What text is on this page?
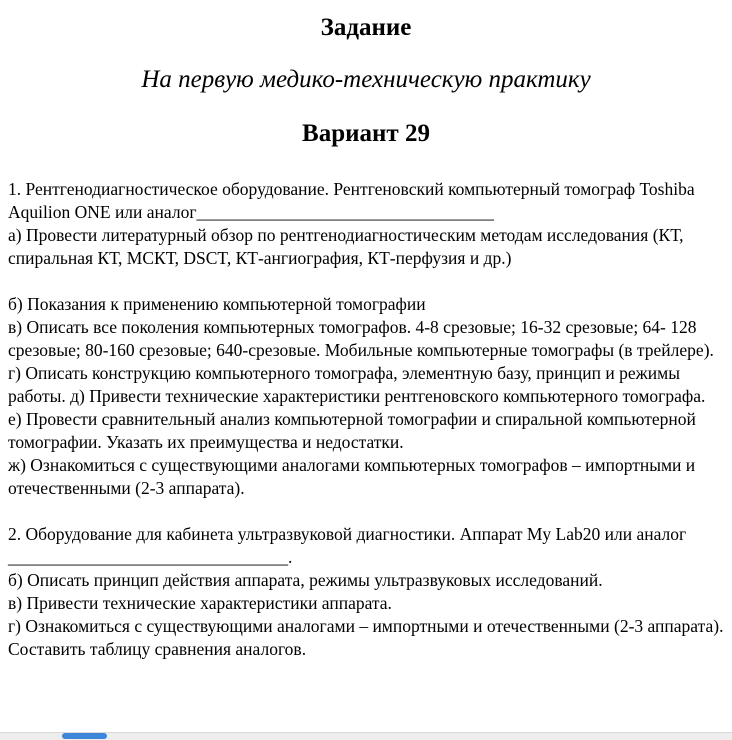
Задание
На первую медико-техническую практику
Вариант 29

1. Рентгенодиагностическое оборудование. Рентгеновский компьютерный томограф Toshiba Aquilion ONE или аналог__________________________________

а) Провести литературный обзор по рентгенодиагностическим методам исследования (КТ, спиральная КТ, МСКТ, DSCT, КТ-ангиография, КТ-перфузия и др.)

б) Показания к применению компьютерной томографии

в) Описать все поколения компьютерных томографов. 4-8 срезовые; 16-32 срезовые; 64- 128 срезовые; 80-160 срезовые; 640-срезовые. Мобильные компьютерные томографы (в трейлере).

г) Описать конструкцию компьютерного томографа, элементную базу, принцип и режимы работы. д) Привести технические характеристики рентгеновского компьютерного томографа.

е) Провести сравнительный анализ компьютерной томографии и спиральной компьютерной томографии. Указать их преимущества и недостатки.

ж) Ознакомиться с существующими аналогами компьютерных томографов – импортными и отечественными (2-3 аппарата).

2. Оборудование для кабинета ультразвуковой диагностики. Аппарат My Lab20 или аналог ________________________________.

б) Описать принцип действия аппарата, режимы ультразвуковых исследований.

в) Привести технические характеристики аппарата.

г) Ознакомиться с существующими аналогами – импортными и отечественными (2-3 аппарата). Составить таблицу сравнения аналогов.
